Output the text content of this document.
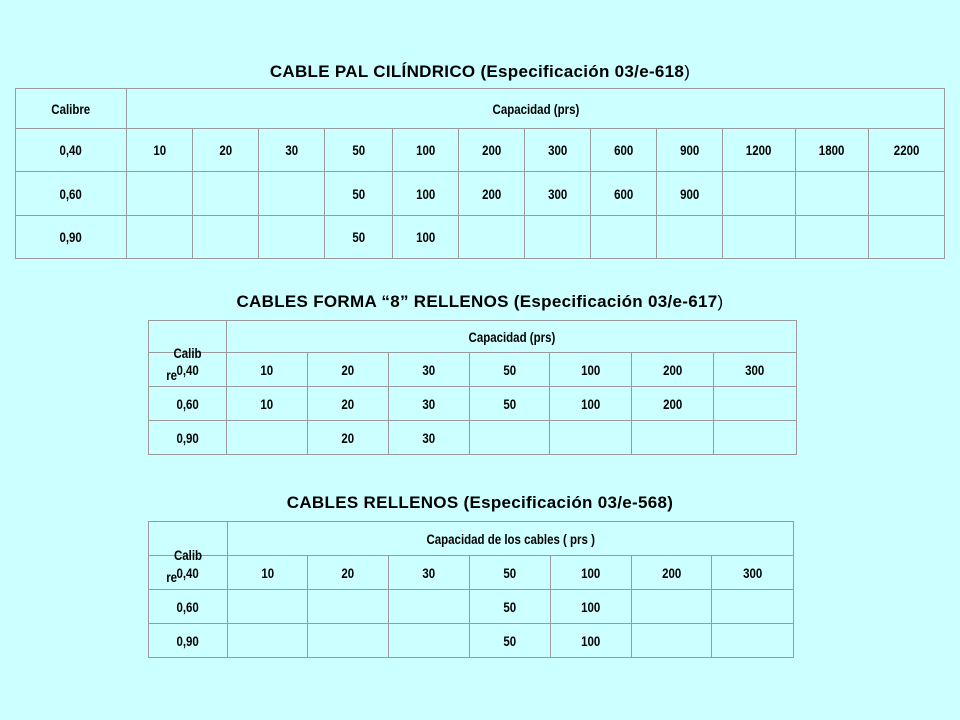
CABLE PAL CILÍNDRICO (Especificación 03/e-618)
Calibre	Capacidad (prs)											
0,40	10	20	30	50	100	200	300	600	900	1200	1800	2200
0,60				50	100	200	300	600	900			
0,90				50	100							
CABLES FORMA “8” RELLENOS (Especificación 03/e-617)
Calib
re	Capacidad (prs)						
0,40	10	20	30	50	100	200	300
0,60	10	20	30	50	100	200	
0,90		20	30				
CABLES RELLENOS (Especificación 03/e-568)
Calib
re	Capacidad de los cables ( prs )						
0,40	10	20	30	50	100	200	300
0,60				50	100		
0,90				50	100		
